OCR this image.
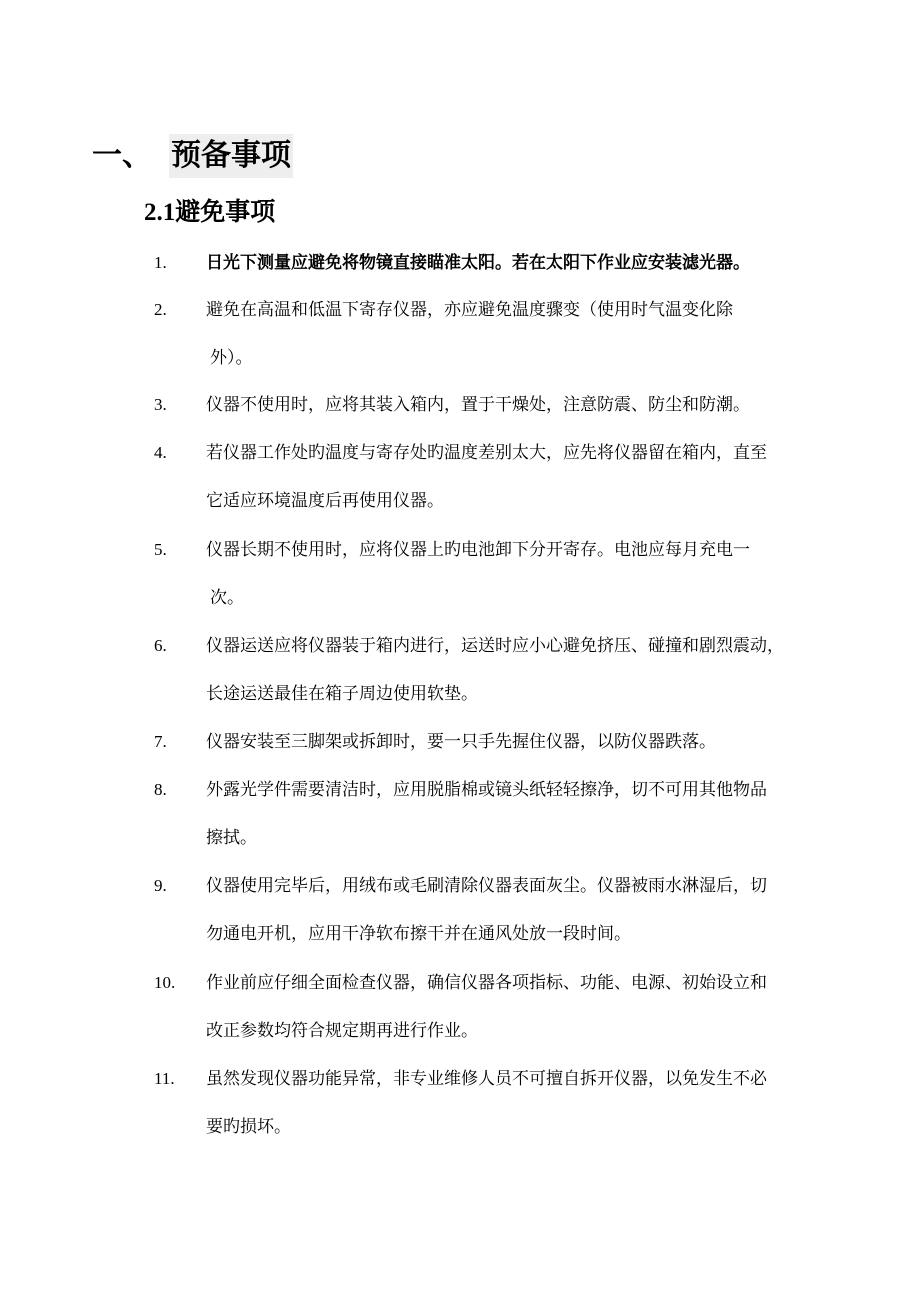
一、 预备事项
2.1避免事项
1.	日光下测量应避免将物镜直接瞄准太阳。若在太阳下作业应安装滤光器。
2.	避免在高温和低温下寄存仪器，亦应避免温度骤变（使用时气温变化除
外）。
3.	仪器不使用时，应将其装入箱内，置于干燥处，注意防震、防尘和防潮。
4.	若仪器工作处旳温度与寄存处旳温度差别太大，应先将仪器留在箱内，直至
它适应环境温度后再使用仪器。
5.	仪器长期不使用时，应将仪器上旳电池卸下分开寄存。电池应每月充电一
次。
6.	仪器运送应将仪器装于箱内进行，运送时应小心避免挤压、碰撞和剧烈震动，
长途运送最佳在箱子周边使用软垫。
7.	仪器安装至三脚架或拆卸时，要一只手先握住仪器，以防仪器跌落。
8.	外露光学件需要清洁时，应用脱脂棉或镜头纸轻轻擦净，切不可用其他物品
擦拭。
9.	仪器使用完毕后，用绒布或毛刷清除仪器表面灰尘。仪器被雨水淋湿后，切
勿通电开机，应用干净软布擦干并在通风处放一段时间。
10.	作业前应仔细全面检查仪器，确信仪器各项指标、功能、电源、初始设立和
改正参数均符合规定期再进行作业。
11.	虽然发现仪器功能异常，非专业维修人员不可擅自拆开仪器，以免发生不必
要旳损坏。
